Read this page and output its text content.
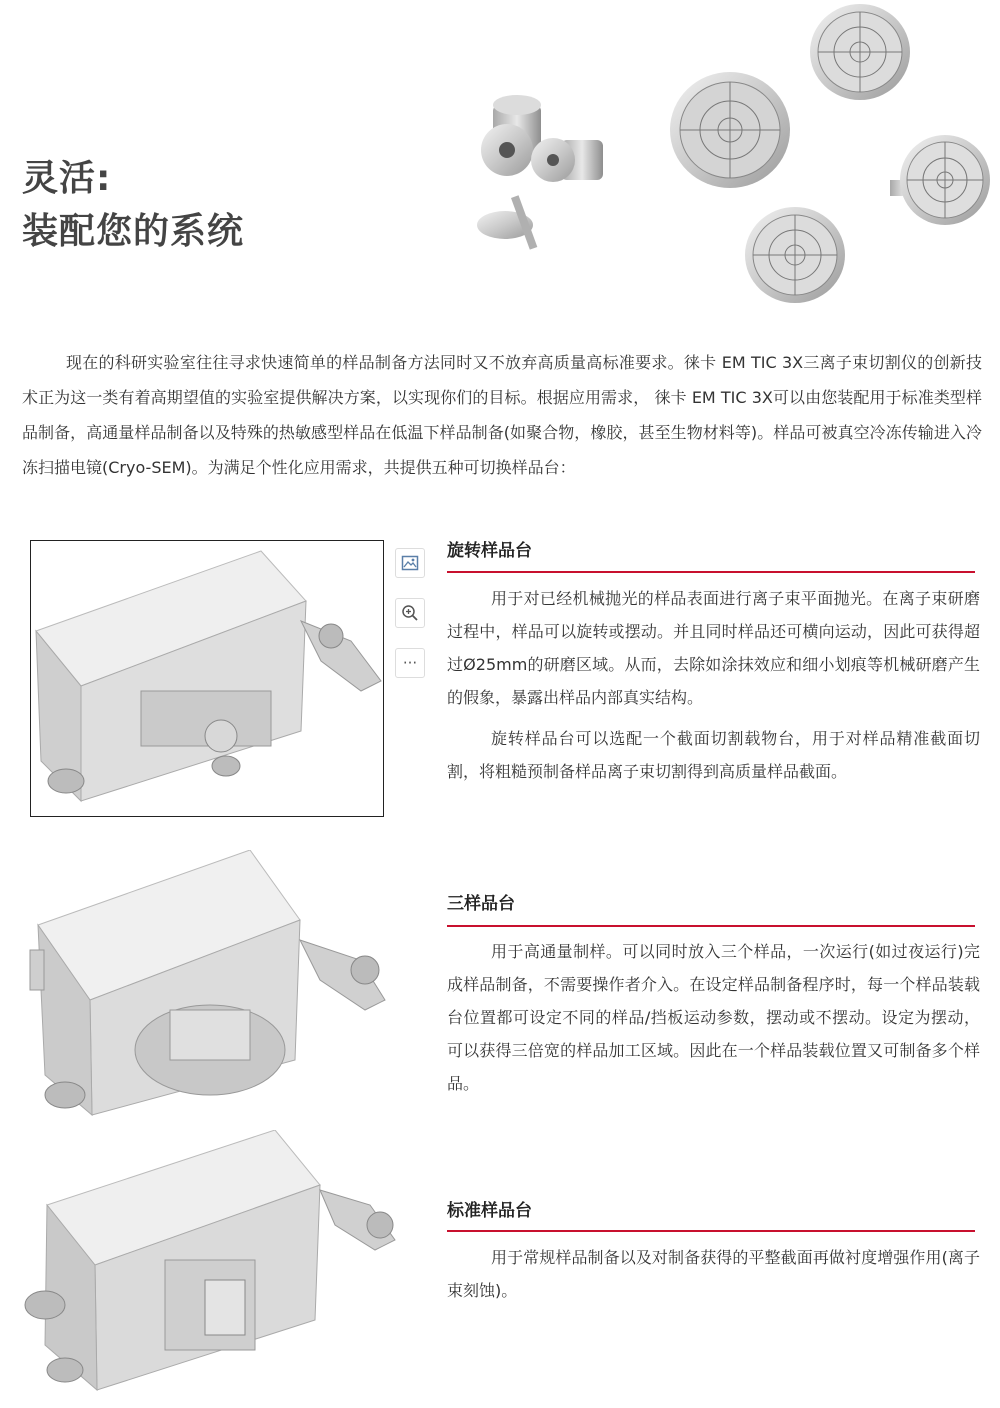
灵活:
装配您的系统

现在的科研实验室往往寻求快速简单的样品制备方法同时又不放弃高质量高标准要求。徕卡 EM TIC 3X三离子束切割仪的创新技术正为这一类有着高期望值的实验室提供解决方案，以实现你们的目标。根据应用需求， 徕卡 EM TIC 3X可以由您装配用于标准类型样品制备，高通量样品制备以及特殊的热敏感型样品在低温下样品制备(如聚合物，橡胶，甚至生物材料等)。样品可被真空冷冻传输进入冷冻扫描电镜(Cryo-SEM)。为满足个性化应用需求，共提供五种可切换样品台：

···
旋转样品台

用于对已经机械抛光的样品表面进行离子束平面抛光。在离子束研磨过程中，样品可以旋转或摆动。并且同时样品还可横向运动，因此可获得超过Ø25mm的研磨区域。从而，去除如涂抹效应和细小划痕等机械研磨产生的假象，暴露出样品内部真实结构。

旋转样品台可以选配一个截面切割载物台，用于对样品精准截面切割，将粗糙预制备样品离子束切割得到高质量样品截面。

三样品台

用于高通量制样。可以同时放入三个样品，一次运行(如过夜运行)完成样品制备，不需要操作者介入。在设定样品制备程序时，每一个样品装载台位置都可设定不同的样品/挡板运动参数，摆动或不摆动。设定为摆动，可以获得三倍宽的样品加工区域。因此在一个样品装载位置又可制备多个样品。

标准样品台

用于常规样品制备以及对制备获得的平整截面再做衬度增强作用(离子束刻蚀)。
